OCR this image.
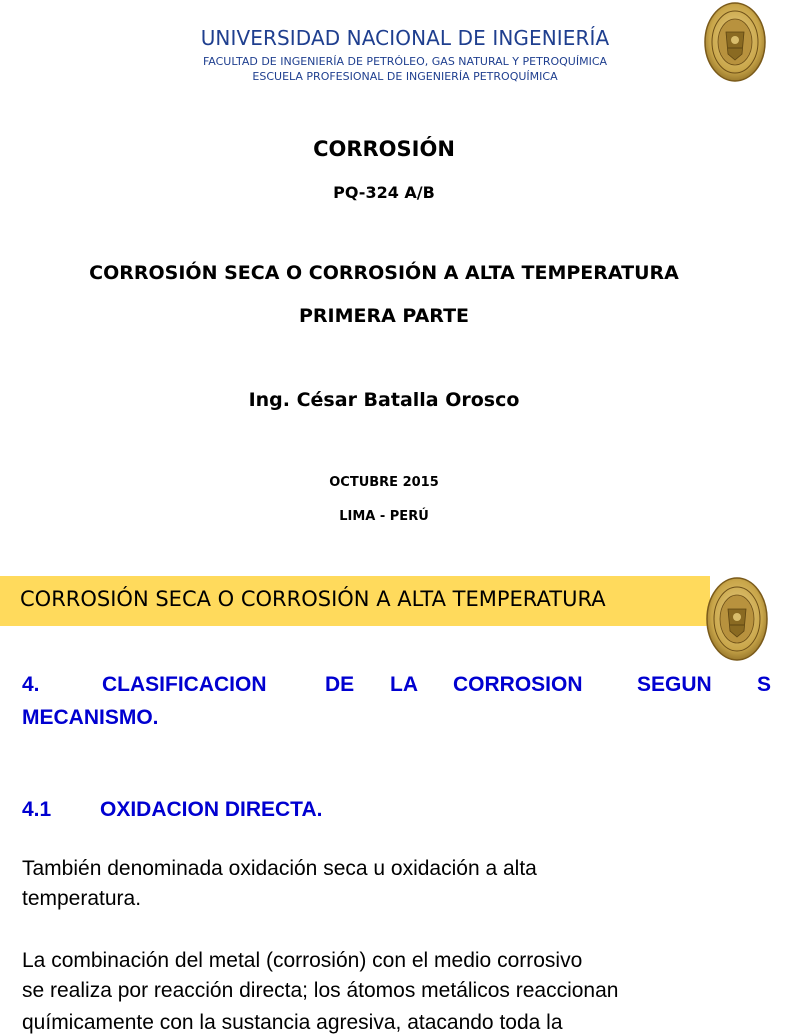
UNIVERSIDAD NACIONAL DE INGENIERÍA
FACULTAD DE INGENIERÍA DE PETRÓLEO, GAS NATURAL Y PETROQUÍMICA
ESCUELA PROFESIONAL DE INGENIERÍA PETROQUÍMICA
CORROSIÓN
PQ-324 A/B
CORROSIÓN SECA O CORROSIÓN A ALTA TEMPERATURA
PRIMERA PARTE
Ing. César Batalla Orosco
OCTUBRE 2015
LIMA - PERÚ
CORROSIÓN SECA O CORROSIÓN A ALTA TEMPERATURA
4.	CLASIFICACION	DE LA CORROSION	SEGUN S
MECANISMO.
4.1 OXIDACION DIRECTA.
También denominada oxidación seca u oxidación a alta
temperatura.
La combinación del metal (corrosión) con el medio corrosivo
se realiza por reacción directa; los átomos metálicos reaccionan
químicamente con la sustancia agresiva, atacando toda la
